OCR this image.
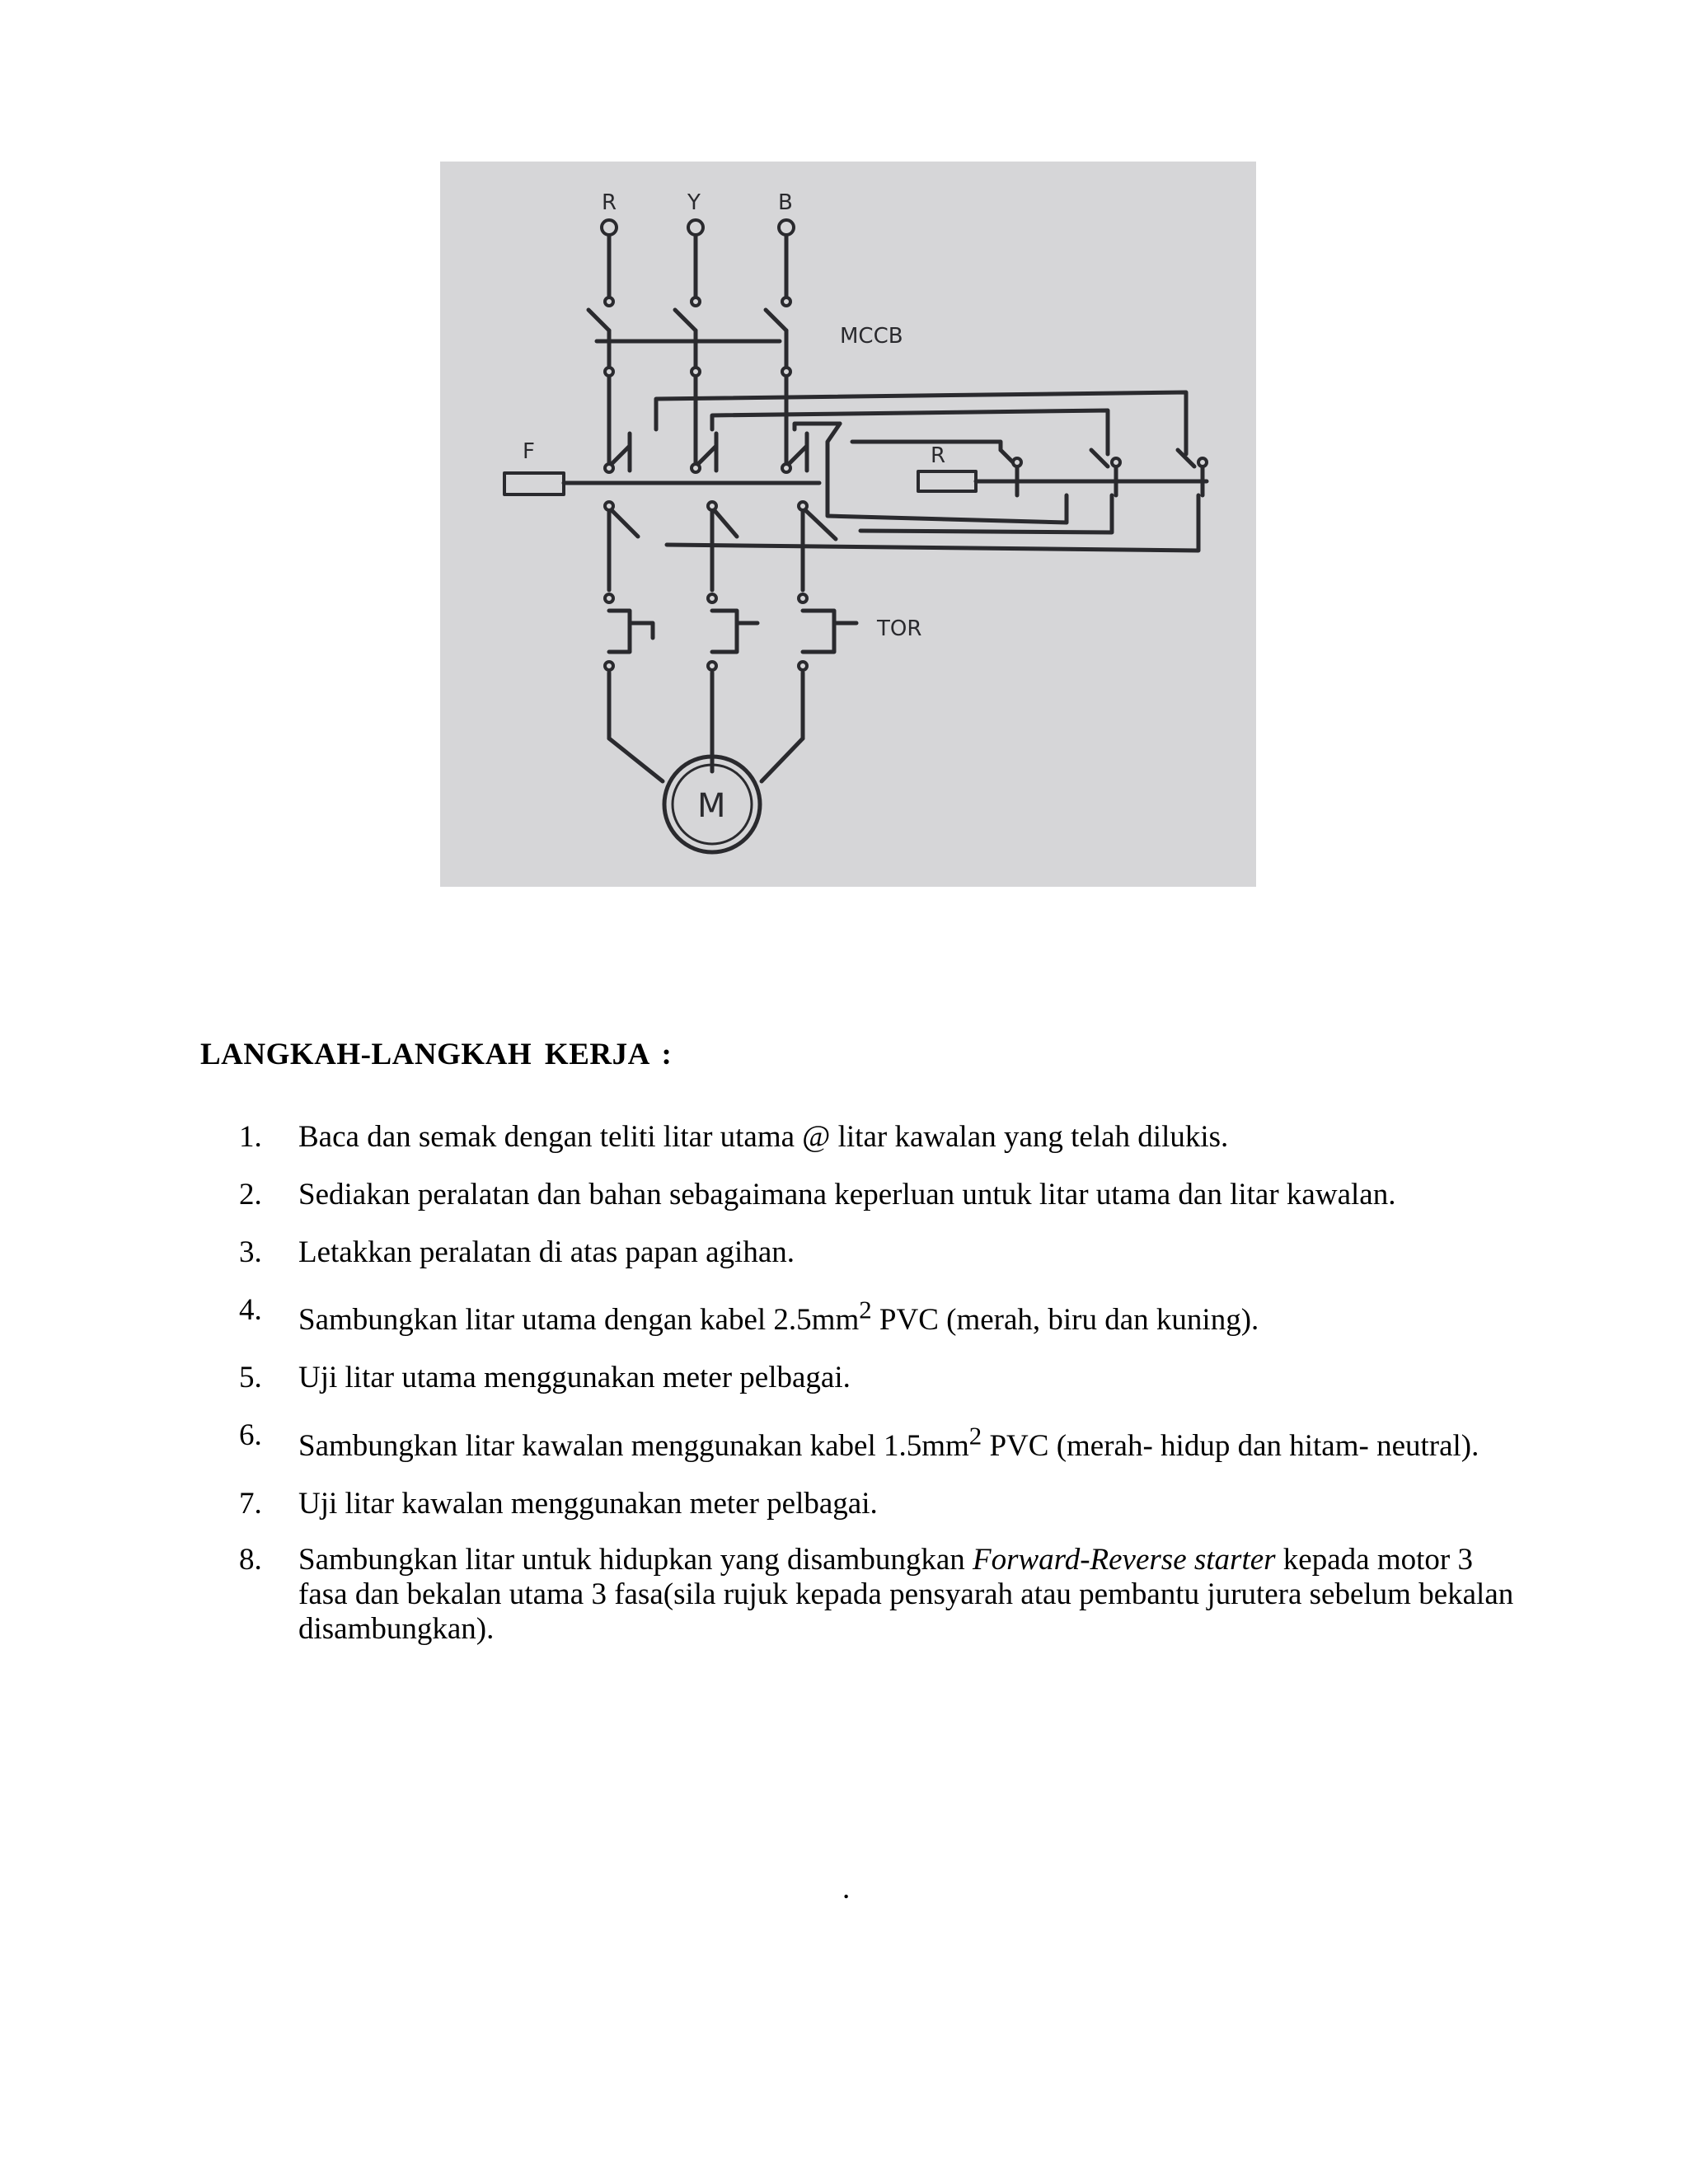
R	Y	B
MCCB
F	R
TOR
M
LANGKAH-LANGKAH KERJA :
1. Baca dan semak dengan teliti litar utama @ litar kawalan yang telah dilukis.
2. Sediakan peralatan dan bahan sebagaimana keperluan untuk litar utama dan litar kawalan.
3. Letakkan peralatan di atas papan agihan.
4. Sambungkan litar utama dengan kabel $2.5mm^2$ PVC (merah, biru dan kuning).
5. Uji litar utama menggunakan meter pelbagai.
6. Sambungkan litar kawalan menggunakan kabel $1.5mm^2$ PVC (merah- hidup dan hitam- neutral).
7. Uji litar kawalan menggunakan meter pelbagai.
8. Sambungkan litar untuk hidupkan yang disambungkan Forward-Reverse starter kepada motor 3 fasa dan bekalan utama 3 fasa(sila rujuk kepada pensyarah atau pembantu jurutera sebelum bekalan disambungkan).
.
